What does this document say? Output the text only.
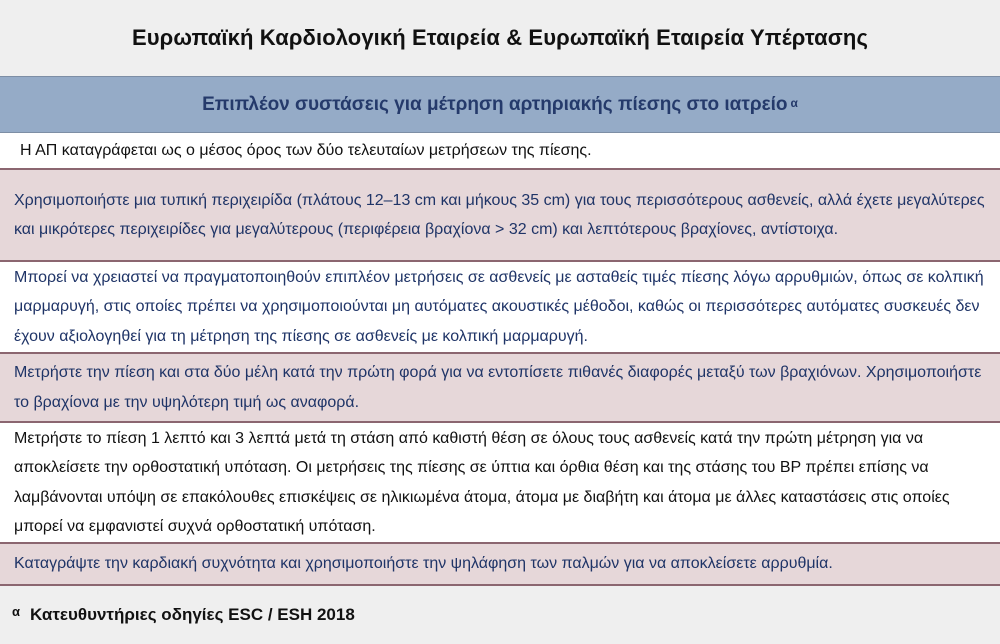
Ευρωπαϊκή Καρδιολογική Εταιρεία & Ευρωπαϊκή Εταιρεία Υπέρτασης
Επιπλέον συστάσεις για μέτρηση αρτηριακής πίεσης στο ιατρείο $^\alpha$

Η ΑΠ καταγράφεται ως ο μέσος όρος των δύο τελευταίων μετρήσεων της πίεσης.

Χρησιμοποιήστε μια τυπική περιχειρίδα (πλάτους 12–13 cm και μήκους 35 cm) για τους περισσότερους ασθενείς, αλλά έχετε μεγαλύτερες και μικρότερες περιχειρίδες για μεγαλύτερους (περιφέρεια βραχίονα > 32 cm) και λεπτότερους βραχίονες, αντίστοιχα.

Μπορεί να χρειαστεί να πραγματοποιηθούν επιπλέον μετρήσεις σε ασθενείς με ασταθείς τιμές πίεσης λόγω αρρυθμιών, όπως σε κολπική μαρμαρυγή, στις οποίες πρέπει να χρησιμοποιούνται μη αυτόματες ακουστικές μέθοδοι, καθώς οι περισσότερες αυτόματες συσκευές δεν έχουν αξιολογηθεί για τη μέτρηση της πίεσης σε ασθενείς με κολπική μαρμαρυγή.

Μετρήστε την πίεση και στα δύο μέλη κατά την πρώτη φορά για να εντοπίσετε πιθανές διαφορές μεταξύ των βραχιόνων. Χρησιμοποιήστε το βραχίονα με την υψηλότερη τιμή ως αναφορά.

Μετρήστε το πίεση 1 λεπτό και 3 λεπτά μετά τη στάση από καθιστή θέση σε όλους τους ασθενείς κατά την πρώτη μέτρηση για να αποκλείσετε την ορθοστατική υπόταση. Οι μετρήσεις της πίεσης σε ύπτια και όρθια θέση και της στάσης του BP πρέπει επίσης να λαμβάνονται υπόψη σε επακόλουθες επισκέψεις σε ηλικιωμένα άτομα, άτομα με διαβήτη και άτομα με άλλες καταστάσεις στις οποίες μπορεί να εμφανιστεί συχνά ορθοστατική υπόταση.

Καταγράψτε την καρδιακή συχνότητα και χρησιμοποιήστε την ψηλάφηση των παλμών για να αποκλείσετε αρρυθμία.

α Κατευθυντήριες οδηγίες ESC / ESH 2018
